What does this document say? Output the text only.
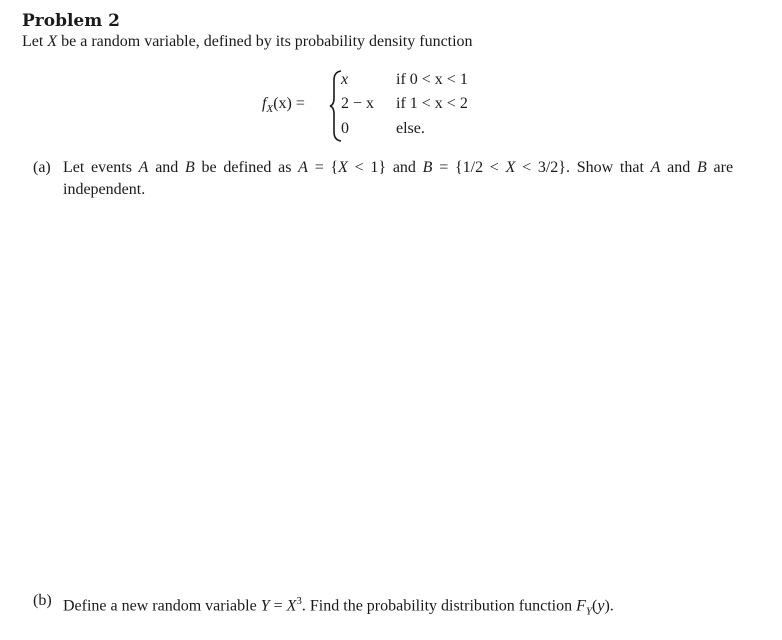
Problem 2
Let X be a random variable, defined by its probability density function
$f_X(x)$ =
x	if 0 < x < 1
2 − x if 1 < x < 2
0	else.
(a) Let events A and B be defined as A = {X < 1} and B = {1/2 < X < 3/2}. Show that A and B are independent.
(b) Define a new random variable $Y = X^3$. Find the probability distribution function $F_Y(y)$.
